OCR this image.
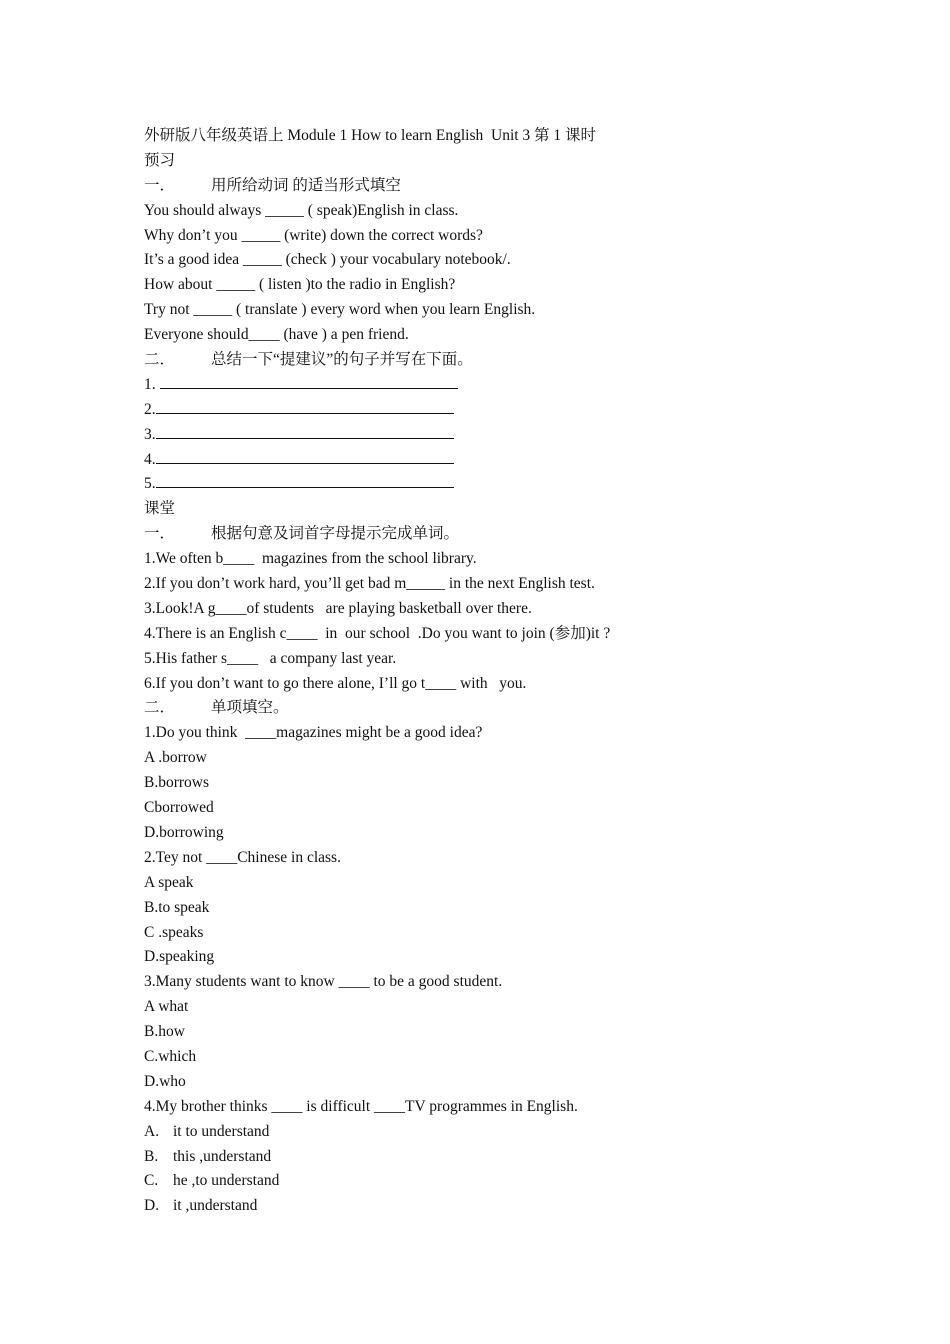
外研版八年级英语上 Module 1 How to learn English  Unit 3 第 1 课时
预习
一． 用所给动词 的适当形式填空
You should always _____ ( speak)English in class.
Why don’t you _____ (write) down the correct words?
It’s a good idea _____ (check ) your vocabulary notebook/.
How about _____ ( listen )to the radio in English?
Try not _____ ( translate ) every word when you learn English.
Everyone should____ (have ) a pen friend.
二． 总结一下“提建议”的句子并写在下面。
1.
2.
3.
4.
5.
课堂
一． 根据句意及词首字母提示完成单词。
1.We often b____  magazines from the school library.
2.If you don’t work hard, you’ll get bad m_____ in the next English test.
3.Look!A g____of students   are playing basketball over there.
4.There is an English c____  in  our school  .Do you want to join (参加)it ?
5.His father s____   a company last year.
6.If you don’t want to go there alone, I’ll go t____ with   you.
二． 单项填空。
1.Do you think  ____magazines might be a good idea?
A .borrow
B.borrows
Cborrowed
D.borrowing
2.Tey not ____Chinese in class.
A speak
B.to speak
C .speaks
D.speaking
3.Many students want to know ____ to be a good student.
A what
B.how
C.which
D.who
4.My brother thinks ____ is difficult ____TV programmes in English.
A. it to understand
B. this ,understand
C. he ,to understand
D. it ,understand
